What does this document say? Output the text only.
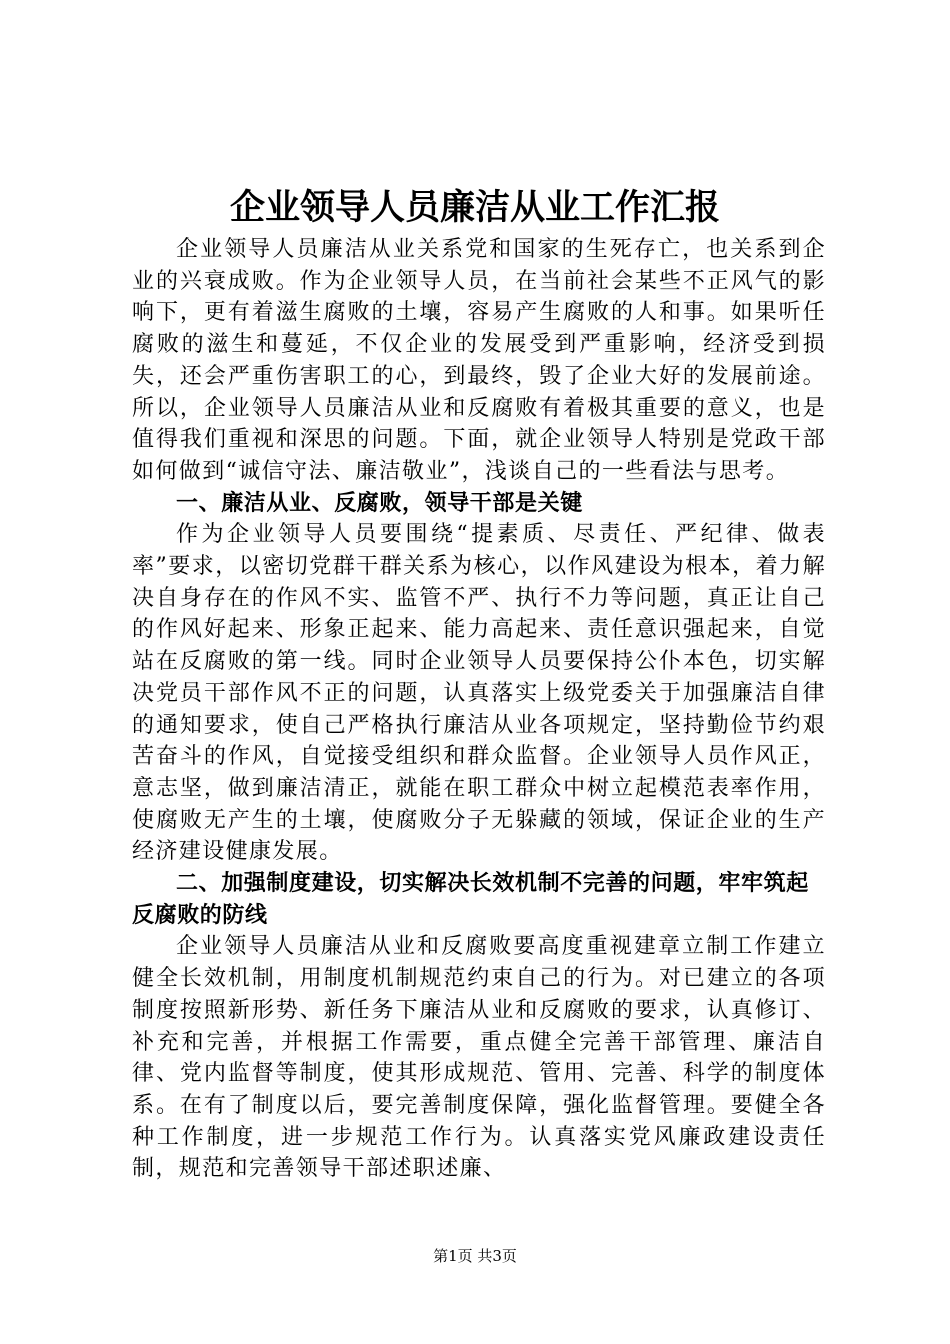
企业领导人员廉洁从业工作汇报

企业领导人员廉洁从业关系党和国家的生死存亡，也关系到企业的兴衰成败。作为企业领导人员，在当前社会某些不正风气的影响下，更有着滋生腐败的土壤，容易产生腐败的人和事。如果听任腐败的滋生和蔓延，不仅企业的发展受到严重影响，经济受到损失，还会严重伤害职工的心，到最终，毁了企业大好的发展前途。所以，企业领导人员廉洁从业和反腐败有着极其重要的意义，也是值得我们重视和深思的问题。下面，就企业领导人特别是党政干部如何做到“诚信守法、廉洁敬业”，浅谈自己的一些看法与思考。

一、廉洁从业、反腐败，领导干部是关键

作为企业领导人员要围绕“提素质、尽责任、严纪律、做表率”要求，以密切党群干群关系为核心，以作风建设为根本，着力解决自身存在的作风不实、监管不严、执行不力等问题，真正让自己的作风好起来、形象正起来、能力高起来、责任意识强起来，自觉站在反腐败的第一线。同时企业领导人员要保持公仆本色，切实解决党员干部作风不正的问题，认真落实上级党委关于加强廉洁自律的通知要求，使自己严格执行廉洁从业各项规定，坚持勤俭节约艰苦奋斗的作风，自觉接受组织和群众监督。企业领导人员作风正，意志坚，做到廉洁清正，就能在职工群众中树立起模范表率作用，使腐败无产生的土壤，使腐败分子无躲藏的领域，保证企业的生产经济建设健康发展。

二、加强制度建设，切实解决长效机制不完善的问题，牢牢筑起反腐败的防线

企业领导人员廉洁从业和反腐败要高度重视建章立制工作建立健全长效机制，用制度机制规范约束自己的行为。对已建立的各项制度按照新形势、新任务下廉洁从业和反腐败的要求，认真修订、补充和完善，并根据工作需要，重点健全完善干部管理、廉洁自律、党内监督等制度，使其形成规范、管用、完善、科学的制度体系。在有了制度以后，要完善制度保障，强化监督管理。要健全各种工作制度，进一步规范工作行为。认真落实党风廉政建设责任制，规范和完善领导干部述职述廉、

第1页 共3页
